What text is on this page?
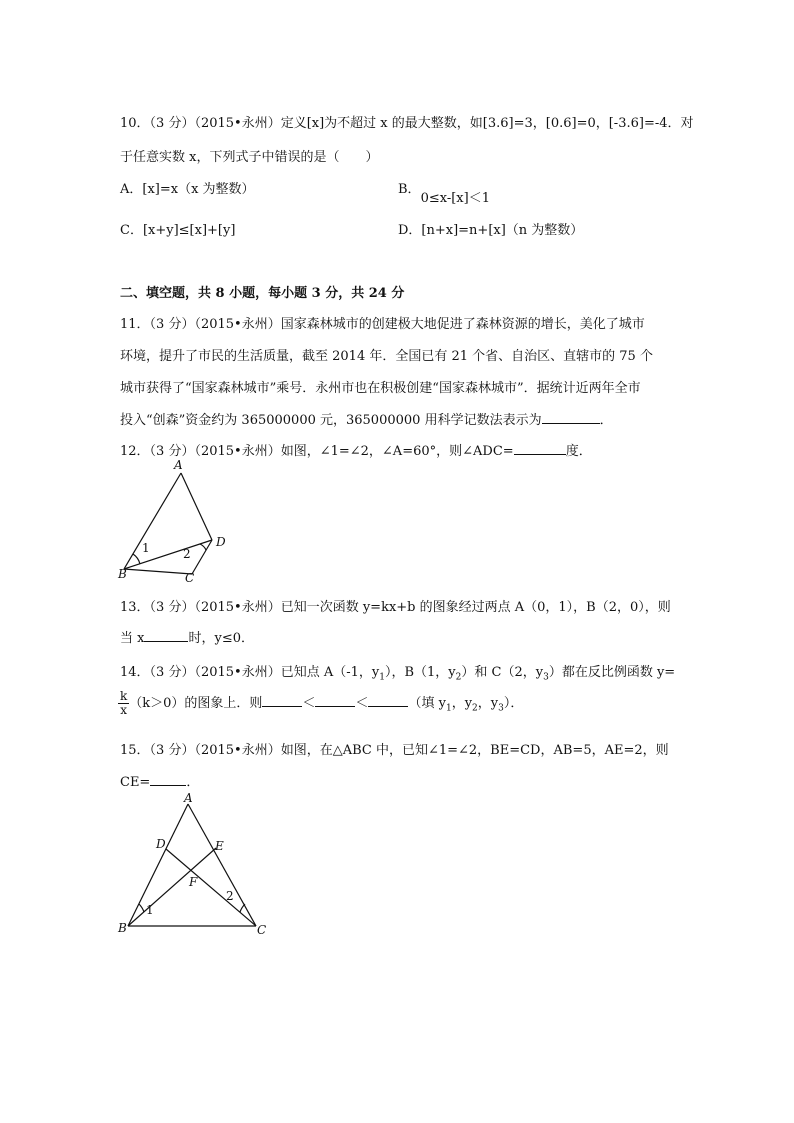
10．（3 分）（2015•永州）定义[x]为不超过 x 的最大整数，如[3.6]=3，[0.6]=0，[-3.6]=-4．对
于任意实数 x，下列式子中错误的是（　　）
A．[x]=x（x 为整数）	B．0≤x-[x]＜1
C．[x+y]≤[x]+[y]	D．[n+x]=n+[x]（n 为整数）
二、填空题，共 8 小题，每小题 3 分，共 24 分
11．（3 分）（2015•永州）国家森林城市的创建极大地促进了森林资源的增长，美化了城市
环境，提升了市民的生活质量，截至 2014 年．全国已有 21 个省、自治区、直辖市的 75 个
城市获得了“国家森林城市”乘号．永州市也在积极创建“国家森林城市”．据统计近两年全市
投入“创森”资金约为 365000000 元，365000000 用科学记数法表示为	．
12．（3 分）（2015•永州）如图，∠1=∠2，∠A=60°，则∠ADC=	度．
A
B	C
D
1	2
13．（3 分）（2015•永州）已知一次函数 y=kx+b 的图象经过两点 A（0，1），B（2，0），则
当 x	时，y≤0．
14．（3 分）（2015•永州）已知点 A（-1，$y_1$），B（1，$y_2$）和 C（2，$y_3$）都在反比例函数 y=
$\frac{k}{x} (k>0)$的图象上．则	＜	＜	（填 $y_1$，$y_2$，$y_3$）．
15．（3 分）（2015•永州）如图，在△ABC 中，已知∠1=∠2，BE=CD，AB=5，AE=2，则
CE=	．
A
B	C
D	E
F
1
2
